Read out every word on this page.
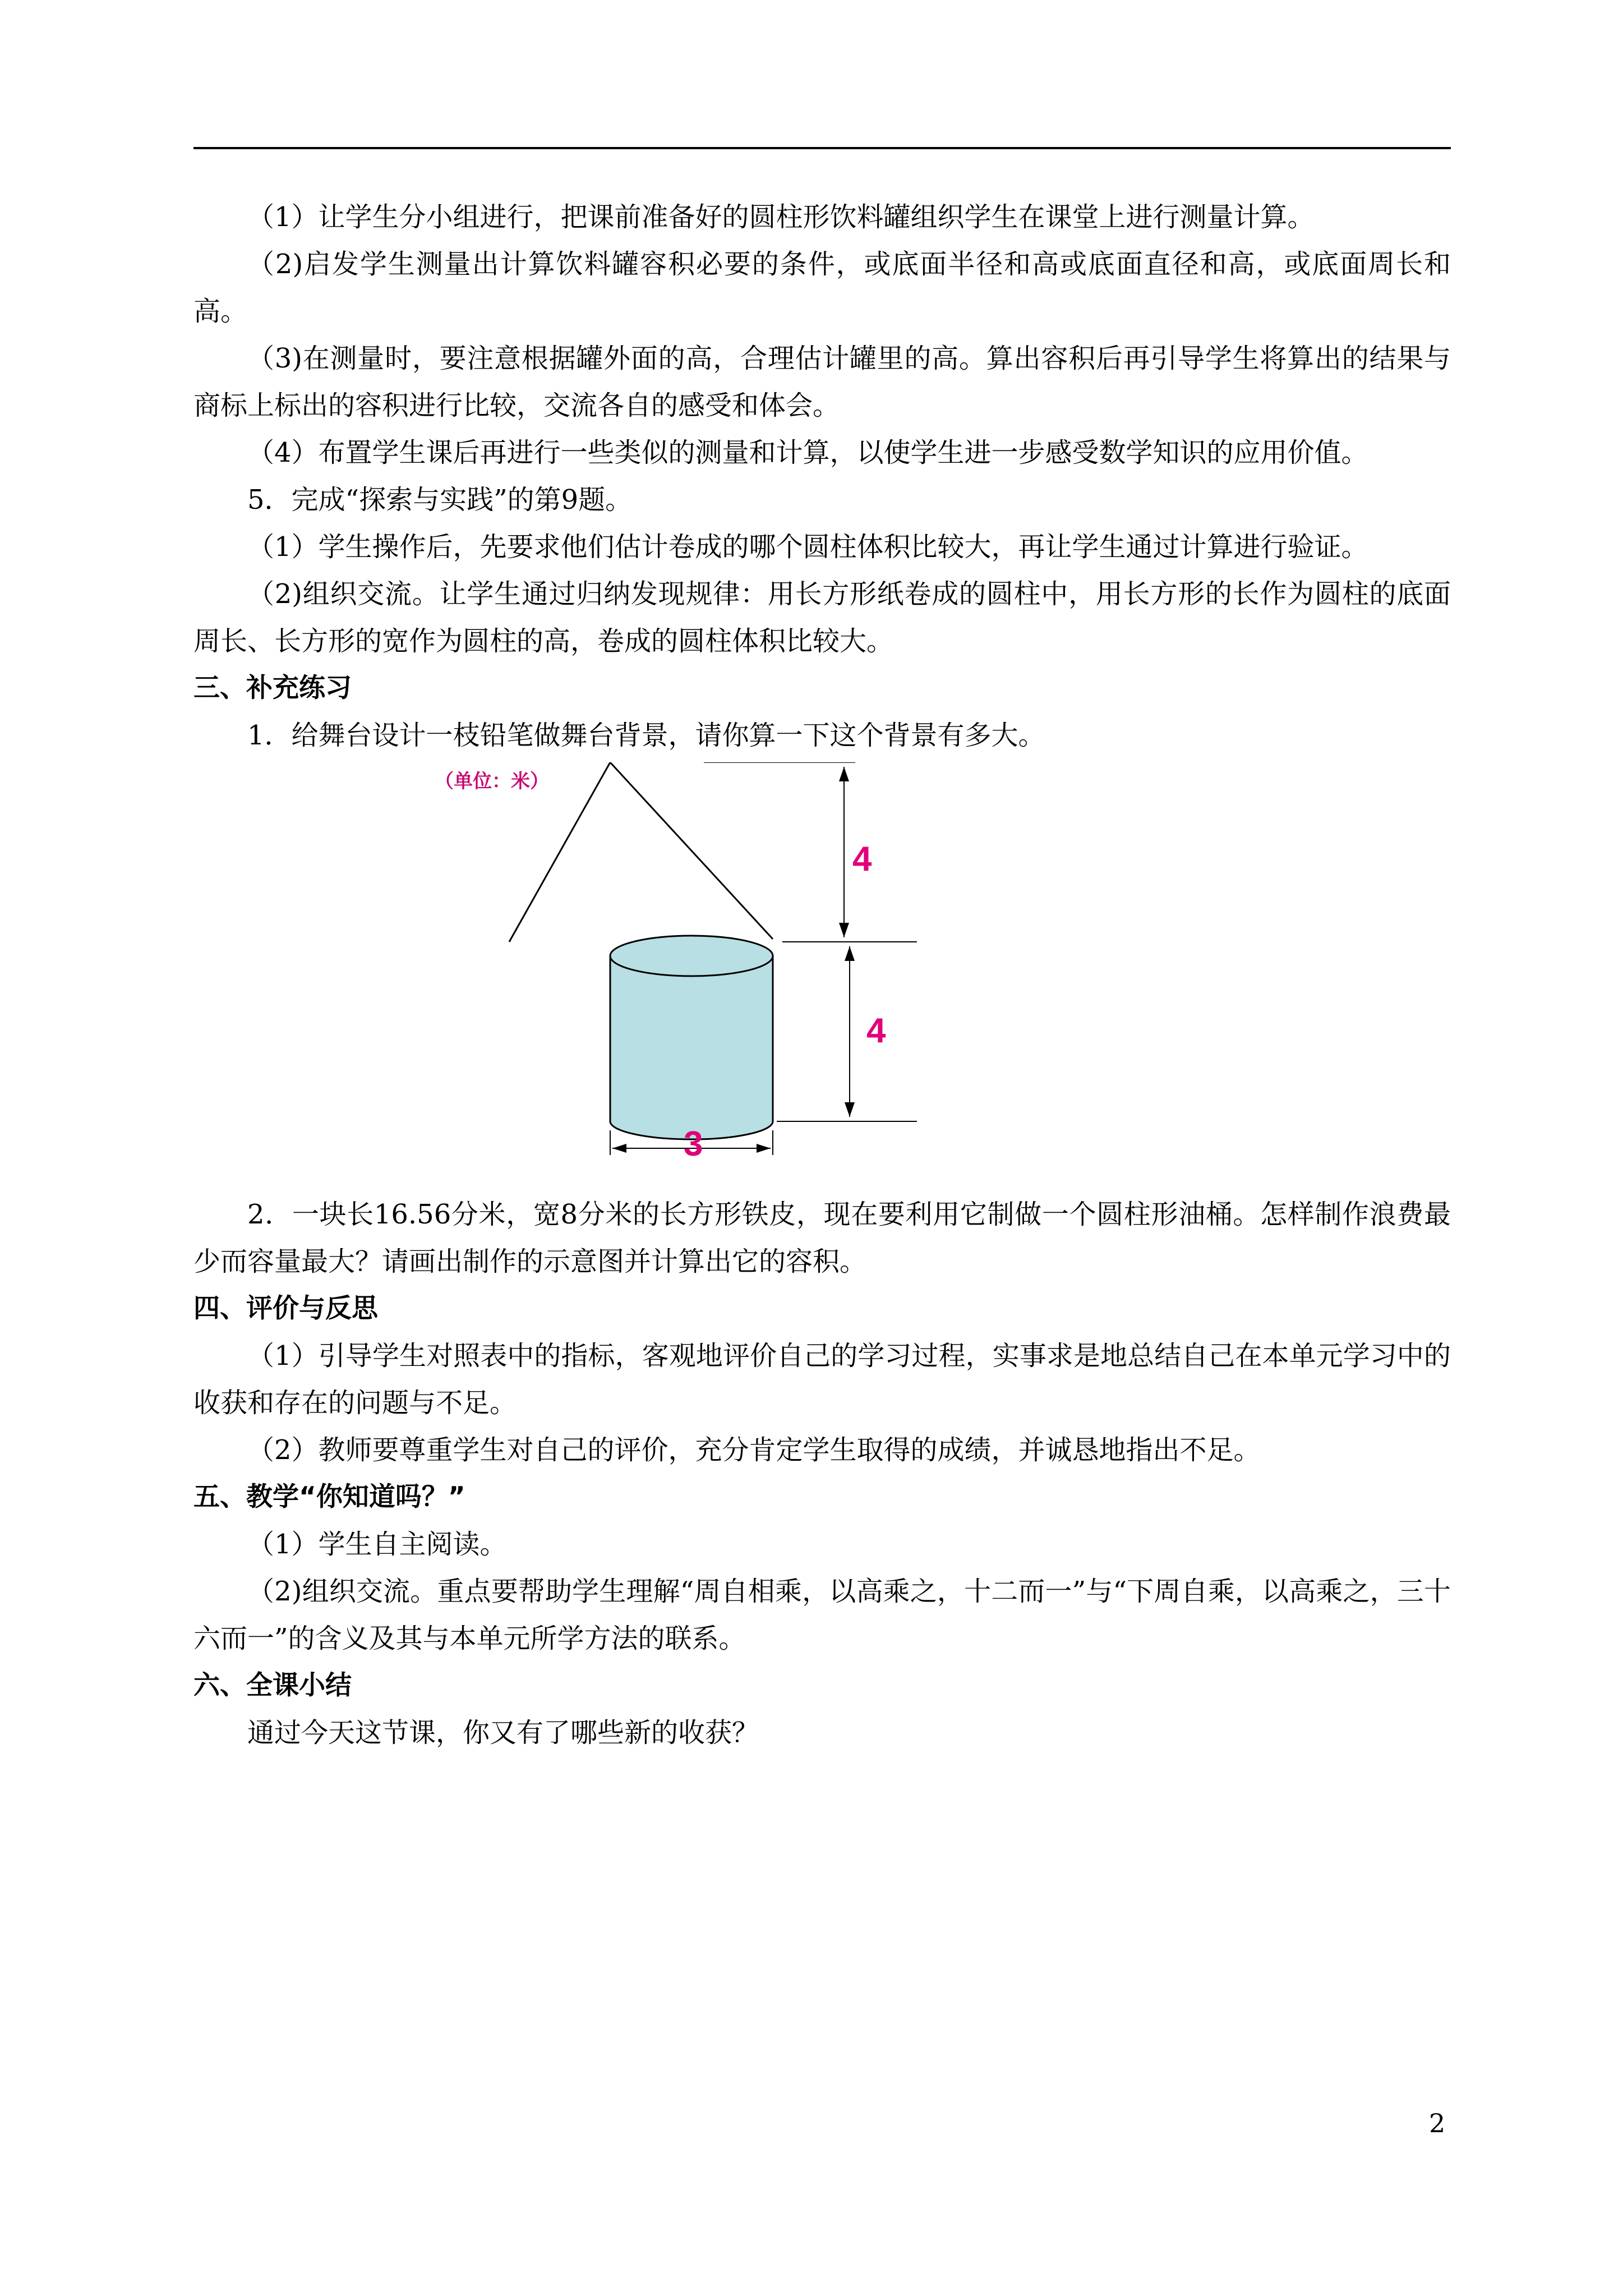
（1）让学生分小组进行，把课前准备好的圆柱形饮料罐组织学生在课堂上进行测量计算。

（2)启发学生测量出计算饮料罐容积必要的条件，或底面半径和高或底面直径和高，或底面周长和高。

（3)在测量时，要注意根据罐外面的高，合理估计罐里的高。算出容积后再引导学生将算出的结果与商标上标出的容积进行比较，交流各自的感受和体会。

（4）布置学生课后再进行一些类似的测量和计算，以使学生进一步感受数学知识的应用价值。

5．完成“探索与实践”的第9题。

（1）学生操作后，先要求他们估计卷成的哪个圆柱体积比较大，再让学生通过计算进行验证。

（2)组织交流。让学生通过归纳发现规律：用长方形纸卷成的圆柱中，用长方形的长作为圆柱的底面周长、长方形的宽作为圆柱的高，卷成的圆柱体积比较大。

三、补充练习

1．给舞台设计一枝铅笔做舞台背景，请你算一下这个背景有多大。

（单位：米）
4
4
3

2．一块长16.56分米，宽8分米的长方形铁皮，现在要利用它制做一个圆柱形油桶。怎样制作浪费最少而容量最大？请画出制作的示意图并计算出它的容积。

四、评价与反思

（1）引导学生对照表中的指标，客观地评价自己的学习过程，实事求是地总结自己在本单元学习中的收获和存在的问题与不足。

（2）教师要尊重学生对自己的评价，充分肯定学生取得的成绩，并诚恳地指出不足。

五、教学“你知道吗？”

（1）学生自主阅读。

（2)组织交流。重点要帮助学生理解“周自相乘，以高乘之，十二而一”与“下周自乘，以高乘之，三十六而一”的含义及其与本单元所学方法的联系。

六、全课小结

通过今天这节课，你又有了哪些新的收获？

2
